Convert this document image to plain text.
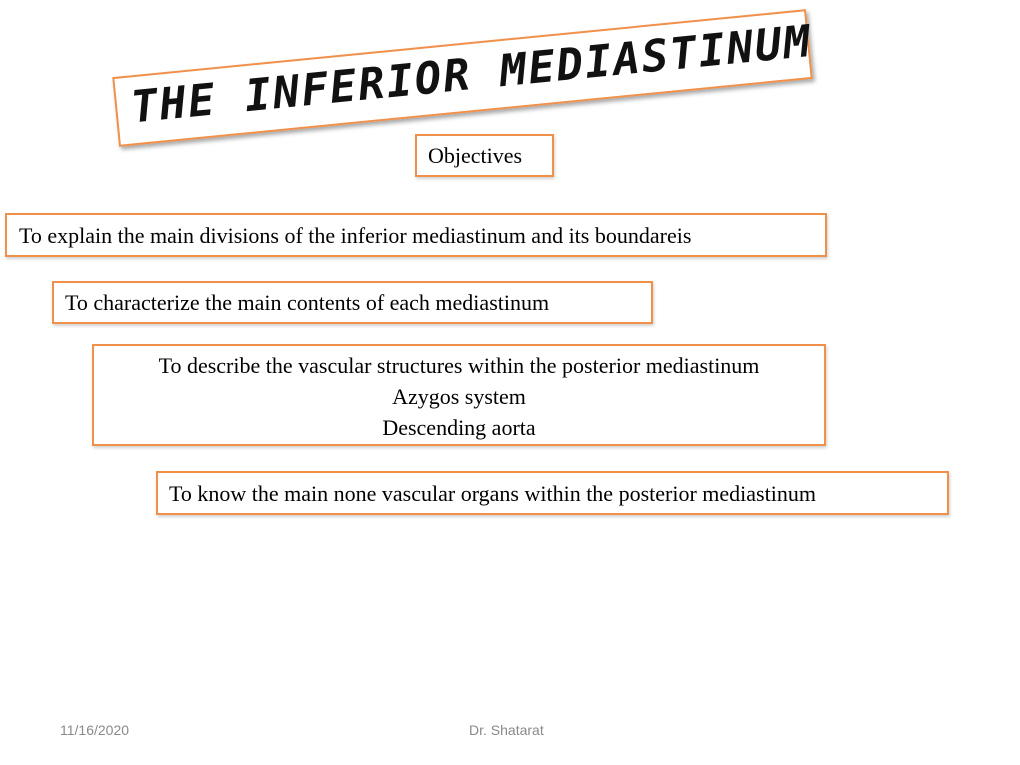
THE INFERIOR MEDIASTINUM
Objectives
To explain the main divisions of the inferior mediastinum and its boundareis
To characterize the main contents of each mediastinum
To describe the vascular structures within the posterior mediastinum
Azygos system
Descending aorta
To know the main none vascular organs within the posterior mediastinum
11/16/2020	Dr. Shatarat
